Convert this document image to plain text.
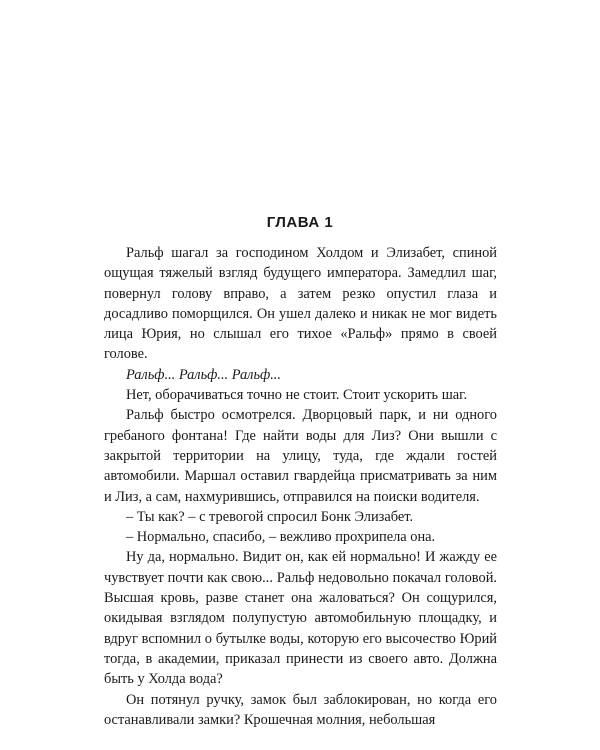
ГЛАВА 1

Ральф шагал за господином Холдом и Элизабет, спиной ощущая тяжелый взгляд будущего императора. Замедлил шаг, повернул голову вправо, а затем резко опустил глаза и досадливо поморщился. Он ушел далеко и никак не мог видеть лица Юрия, но слышал его тихое «Ральф» прямо в своей голове.

Ральф... Ральф... Ральф...

Нет, оборачиваться точно не стоит. Стоит ускорить шаг.

Ральф быстро осмотрелся. Дворцовый парк, и ни одного гребаного фонтана! Где найти воды для Лиз? Они вышли с закрытой территории на улицу, туда, где ждали гостей автомобили. Маршал оставил гвардейца присматривать за ним и Лиз, а сам, нахмурившись, отправился на поиски водителя.

– Ты как? – с тревогой спросил Бонк Элизабет.

– Нормально, спасибо, – вежливо прохрипела она.

Ну да, нормально. Видит он, как ей нормально! И жажду ее чувствует почти как свою... Ральф недовольно покачал головой. Высшая кровь, разве станет она жаловаться? Он сощурился, окидывая взглядом полупустую автомобильную площадку, и вдруг вспомнил о бутылке воды, которую его высочество Юрий тогда, в академии, приказал принести из своего авто. Должна быть у Холда вода?

Он потянул ручку, замок был заблокирован, но когда его останавливали замки? Крошечная молния, небольшая
